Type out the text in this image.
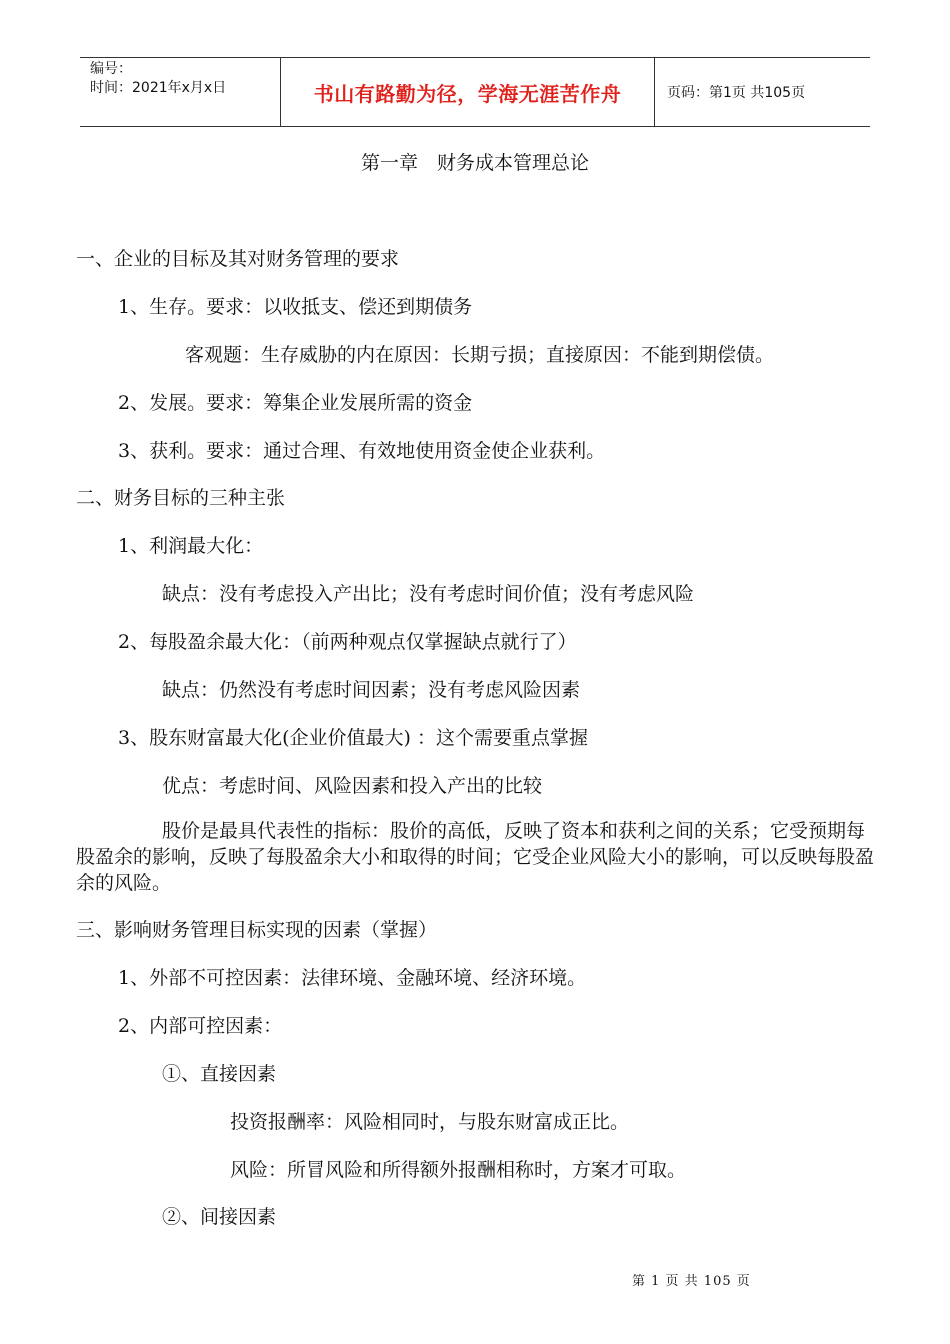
编号：
时间：2021年x月x日	书山有路勤为径，学海无涯苦作舟	页码：第1页 共105页
第一章　财务成本管理总论
一、企业的目标及其对财务管理的要求
1、生存。要求：以收抵支、偿还到期债务
客观题：生存威胁的内在原因：长期亏损；直接原因：不能到期偿债。
2、发展。要求：筹集企业发展所需的资金
3、获利。要求：通过合理、有效地使用资金使企业获利。
二、财务目标的三种主张
1、利润最大化：
缺点：没有考虑投入产出比；没有考虑时间价值；没有考虑风险
2、每股盈余最大化：（前两种观点仅掌握缺点就行了）
缺点：仍然没有考虑时间因素；没有考虑风险因素
3、股东财富最大化(企业价值最大) ：这个需要重点掌握
优点：考虑时间、风险因素和投入产出的比较
股价是最具代表性的指标：股价的高低，反映了资本和获利之间的关系；它受预期每股盈余的影响，反映了每股盈余大小和取得的时间；它受企业风险大小的影响，可以反映每股盈余的风险。
三、影响财务管理目标实现的因素（掌握）
1、外部不可控因素：法律环境、金融环境、经济环境。
2、内部可控因素：
①、直接因素
投资报酬率：风险相同时，与股东财富成正比。
风险：所冒风险和所得额外报酬相称时，方案才可取。
②、间接因素
第 1 页 共 105 页
